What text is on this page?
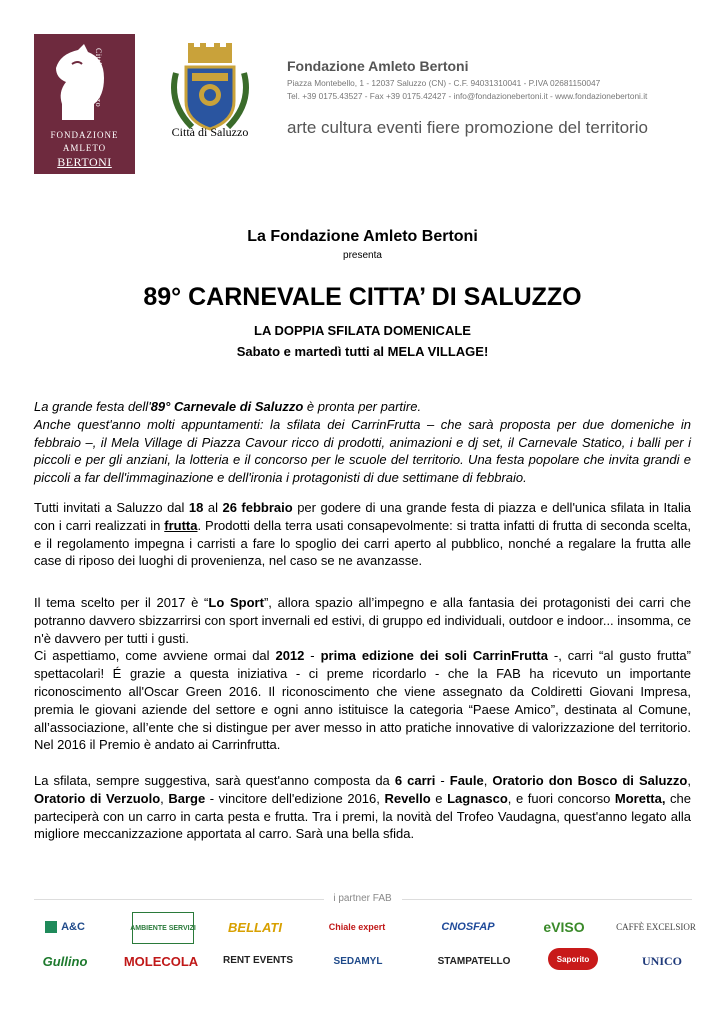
Città di Saluzzo
FONDAZIONE
AMLETO
BERTONI
Città di Saluzzo
Fondazione Amleto Bertoni
Piazza Montebello, 1 - 12037 Saluzzo (CN) - C.F. 94031310041 - P.IVA 02681150047
Tel. +39 0175.43527 - Fax +39 0175.42427 - info@fondazionebertoni.it - www.fondazionebertoni.it
arte cultura eventi fiere promozione del territorio
La Fondazione Amleto Bertoni
presenta
89° CARNEVALE CITTA’ DI SALUZZO
LA DOPPIA SFILATA DOMENICALE
Sabato e martedì tutti al MELA VILLAGE!
La grande festa dell'89° Carnevale di Saluzzo è pronta per partire.
Anche quest'anno molti appuntamenti: la sfilata dei CarrinFrutta – che sarà proposta per due domeniche in febbraio –, il Mela Village di Piazza Cavour ricco di prodotti, animazioni e dj set, il Carnevale Statico, i balli per i piccoli e per gli anziani, la lotteria e il concorso per le scuole del territorio. Una festa popolare che invita grandi e piccoli a far dell'immaginazione e dell'ironia i protagonisti di due settimane di febbraio.
Tutti invitati a Saluzzo dal 18 al 26 febbraio per godere di una grande festa di piazza e dell'unica sfilata in Italia con i carri realizzati in frutta. Prodotti della terra usati consapevolmente: si tratta infatti di frutta di seconda scelta, e il regolamento impegna i carristi a fare lo spoglio dei carri aperto al pubblico, nonché a regalare la frutta alle case di riposo dei luoghi di provenienza, nel caso se ne avanzasse.
Il tema scelto per il 2017 è “Lo Sport”, allora spazio all’impegno e alla fantasia dei protagonisti dei carri che potranno davvero sbizzarrirsi con sport invernali ed estivi, di gruppo ed individuali, outdoor e indoor... insomma, ce n'è davvero per tutti i gusti.
Ci aspettiamo, come avviene ormai dal 2012 - prima edizione dei soli CarrinFrutta -, carri “al gusto frutta” spettacolari! É grazie a questa iniziativa - ci preme ricordarlo - che la FAB ha ricevuto un importante riconoscimento all'Oscar Green 2016. Il riconoscimento che viene assegnato da Coldiretti Giovani Impresa, premia le giovani aziende del settore e ogni anno istituisce la categoria “Paese Amico”, destinata al Comune, all’associazione, all’ente che si distingue per aver messo in atto pratiche innovative di valorizzazione del territorio. Nel 2016 il Premio è andato ai Carrinfrutta.
La sfilata, sempre suggestiva, sarà quest'anno composta da 6 carri - Faule, Oratorio don Bosco di Saluzzo, Oratorio di Verzuolo, Barge - vincitore dell'edizione 2016, Revello e Lagnasco, e fuori concorso Moretta, che parteciperà con un carro in carta pesta e frutta. Tra i premi, la novità del Trofeo Vaudagna, quest'anno legato alla migliore meccanizzazione apportata al carro. Sarà una bella sfida.
i partner FAB
A&C	AMBIENTE SERVIZI BELLATI	Chiale expert	CNOSFAP	eVISO	CAFFÈ EXCELSIOR
Gullino	MOLECOLA RENT EVENTS	SEDAMYL	STAMPATELLO	Saporito	UNICO
